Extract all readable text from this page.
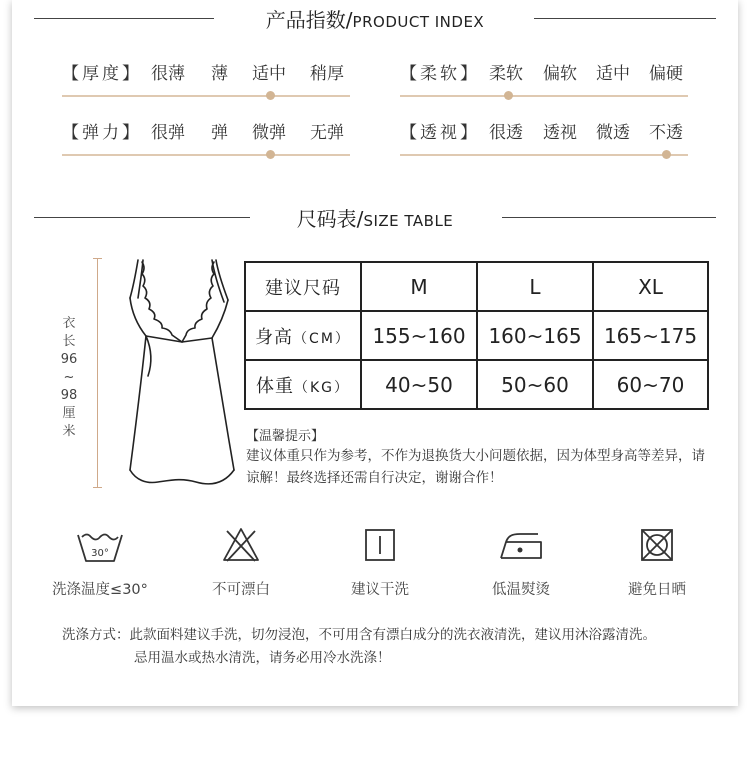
产品指数/PRODUCT INDEX
【厚度】 很薄 薄 适中 稍厚	【柔软】 柔软 偏软 适中 偏硬
【弹力】 很弹 弹 微弹 无弹	【透视】 很透 透视 微透 不透
尺码表/SIZE TABLE
衣
长
96
~
98
厘
米
建议尺码	M	L	XL
身高（CM）	155~160	160~165	165~175
体重（KG）	40~50	50~60	60~70
【温馨提示】
建议体重只作为参考，不作为退换货大小问题依据，因为体型身高等差异，请谅解！最终选择还需自行决定，谢谢合作！
30°
洗涤温度≤30°	不可漂白	建议干洗	低温熨烫	避免日晒
洗涤方式：此款面料建议手洗，切勿浸泡，不可用含有漂白成分的洗衣液清洗，建议用沐浴露清洗。
忌用温水或热水清洗，请务必用冷水洗涤！
